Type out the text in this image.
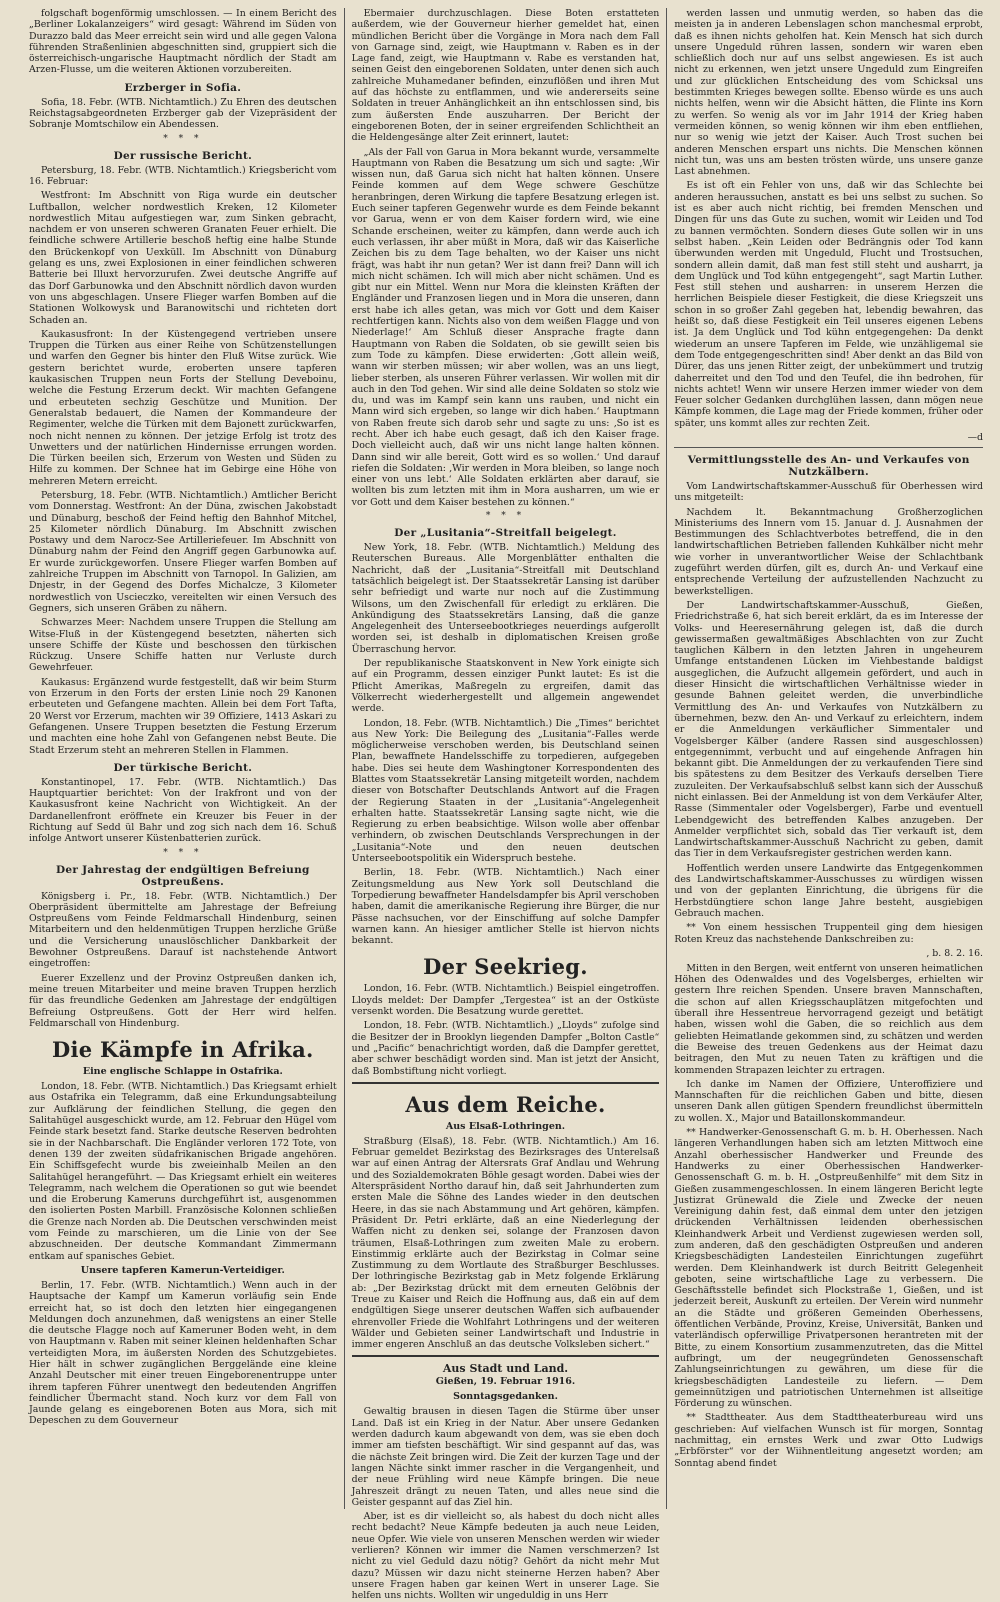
folgschaft bogenförmig umschlossen. — In einem Bericht des „Berliner Lokalanzeigers“ wird gesagt: Während im Süden von Durazzo bald das Meer erreicht sein wird und alle gegen Valona führenden Straßenlinien abgeschnitten sind, gruppiert sich die österreichisch-ungarische Hauptmacht nördlich der Stadt am Arzen-Flusse, um die weiteren Aktionen vorzubereiten.

Erzberger in Sofia.

Sofia, 18. Febr. (WTB. Nichtamtlich.) Zu Ehren des deutschen Reichstagsabgeordneten Erzberger gab der Vizepräsident der Sobranje Momtschilow ein Abendessen.

* * *
Der russische Bericht.

Petersburg, 18. Febr. (WTB. Nichtamtlich.) Kriegsbericht vom 16. Februar:

Westfront: Im Abschnitt von Riga wurde ein deutscher Luftballon, welcher nordwestlich Kreken, 12 Kilometer nordwestlich Mitau aufgestiegen war, zum Sinken gebracht, nachdem er von unseren schweren Granaten Feuer erhielt. Die feindliche schwere Artillerie beschoß heftig eine halbe Stunde den Brückenkopf von Uexküll. Im Abschnitt von Dünaburg gelang es uns, zwei Explosionen in einer feindlichen schweren Batterie bei Illuxt hervorzurufen. Zwei deutsche Angriffe auf das Dorf Garbunowka und den Abschnitt nördlich davon wurden von uns abgeschlagen. Unsere Flieger warfen Bomben auf die Stationen Wolkowysk und Baranowitschi und richteten dort Schaden an.

Kaukasusfront: In der Küstengegend vertrieben unsere Truppen die Türken aus einer Reihe von Schützenstellungen und warfen den Gegner bis hinter den Fluß Witse zurück. Wie gestern berichtet wurde, eroberten unsere tapferen kaukasischen Truppen neun Forts der Stellung Deveboinu, welche die Festung Erzerum deckt. Wir machten Gefangene und erbeuteten sechzig Geschütze und Munition. Der Generalstab bedauert, die Namen der Kommandeure der Regimenter, welche die Türken mit dem Bajonett zurückwarfen, noch nicht nennen zu können. Der jetzige Erfolg ist trotz des Unwetters und der natürlichen Hindernisse errungen worden. Die Türken beeilen sich, Erzerum von Westen und Süden zu Hilfe zu kommen. Der Schnee hat im Gebirge eine Höhe von mehreren Metern erreicht.

Petersburg, 18. Febr. (WTB. Nichtamtlich.) Amtlicher Bericht vom Donnerstag. Westfront: An der Düna, zwischen Jakobstadt und Dünaburg, beschoß der Feind heftig den Bahnhof Mitchel, 25 Kilometer nördlich Dünaburg. Im Abschnitt zwischen Postawy und dem Narocz-See Artilleriefeuer. Im Abschnitt von Dünaburg nahm der Feind den Angriff gegen Garbunowka auf. Er wurde zurückgeworfen. Unsere Flieger warfen Bomben auf zahlreiche Truppen im Abschnitt von Tarnopol. In Galizien, am Dnjestr, in der Gegend des Dorfes Michalcze, 3 Kilometer nordwestlich von Uscieczko, vereitelten wir einen Versuch des Gegners, sich unseren Gräben zu nähern.

Schwarzes Meer: Nachdem unsere Truppen die Stellung am Witse-Fluß in der Küstengegend besetzten, näherten sich unsere Schiffe der Küste und beschossen den türkischen Rückzug. Unsere Schiffe hatten nur Verluste durch Gewehrfeuer.

Kaukasus: Ergänzend wurde festgestellt, daß wir beim Sturm von Erzerum in den Forts der ersten Linie noch 29 Kanonen erbeuteten und Gefangene machten. Allein bei dem Fort Tafta, 20 Werst vor Erzerum, machten wir 39 Offiziere, 1413 Askari zu Gefangenen. Unsere Truppen besetzten die Festung Erzerum und machten eine hohe Zahl von Gefangenen nebst Beute. Die Stadt Erzerum steht an mehreren Stellen in Flammen.

Der türkische Bericht.

Konstantinopel, 17. Febr. (WTB. Nichtamtlich.) Das Hauptquartier berichtet: Von der Irakfront und von der Kaukasusfront keine Nachricht von Wichtigkeit. An der Dardanellenfront eröffnete ein Kreuzer bis Feuer in der Richtung auf Sedd ül Bahr und zog sich nach dem 16. Schuß infolge Antwort unserer Küstenbatterien zurück.

* * *
Der Jahrestag der endgültigen Befreiung Ostpreußens.

Königsberg i. Pr., 18. Febr. (WTB. Nichtamtlich.) Der Oberpräsident übermittelte am Jahrestage der Befreiung Ostpreußens vom Feinde Feldmarschall Hindenburg, seinen Mitarbeitern und den heldenmütigen Truppen herzliche Grüße und die Versicherung unauslöschlicher Dankbarkeit der Bewohner Ostpreußens. Darauf ist nachstehende Antwort eingetroffen:

Euerer Exzellenz und der Provinz Ostpreußen danken ich, meine treuen Mitarbeiter und meine braven Truppen herzlich für das freundliche Gedenken am Jahrestage der endgültigen Befreiung Ostpreußens. Gott der Herr wird helfen. Feldmarschall von Hindenburg.

Die Kämpfe in Afrika.
Eine englische Schlappe in Ostafrika.

London, 18. Febr. (WTB. Nichtamtlich.) Das Kriegsamt erhielt aus Ostafrika ein Telegramm, daß eine Erkundungsabteilung zur Aufklärung der feindlichen Stellung, die gegen den Salitahügel ausgeschickt wurde, am 12. Februar den Hügel vom Feinde stark besetzt fand. Starke deutsche Reserven bedrohten sie in der Nachbarschaft. Die Engländer verloren 172 Tote, von denen 139 der zweiten südafrikanischen Brigade angehören. Ein Schiffsgefecht wurde bis zweieinhalb Meilen an den Salitahügel herangeführt. — Das Kriegsamt erhielt ein weiteres Telegramm, nach welchem die Operationen so gut wie beendet und die Eroberung Kameruns durchgeführt ist, ausgenommen den isolierten Posten Marbill. Französische Kolonnen schließen die Grenze nach Norden ab. Die Deutschen verschwinden meist vom Feinde zu marschieren, um die Linie von der See abzuschneiden. Der deutsche Kommandant Zimmermann entkam auf spanisches Gebiet.

Unsere tapferen Kamerun-Verteidiger.

Berlin, 17. Febr. (WTB. Nichtamtlich.) Wenn auch in der Hauptsache der Kampf um Kamerun vorläufig sein Ende erreicht hat, so ist doch den letzten hier eingegangenen Meldungen doch anzunehmen, daß wenigstens an einer Stelle die deutsche Flagge noch auf Kameruner Boden weht, in dem von Hauptmann v. Raben mit seiner kleinen heldenhaften Schar verteidigten Mora, im äußersten Norden des Schutzgebietes. Hier hält in schwer zugänglichen Berggelände eine kleine Anzahl Deutscher mit einer treuen Eingeborenentruppe unter ihrem tapferen Führer unentwegt den bedeutenden Angriffen feindlicher Übermacht stand. Noch kurz vor dem Fall von Jaunde gelang es eingeborenen Boten aus Mora, sich mit Depeschen zu dem Gouverneur

Ebermaier durchzuschlagen. Diese Boten erstatteten außerdem, wie der Gouverneur hierher gemeldet hat, einen mündlichen Bericht über die Vorgänge in Mora nach dem Fall von Garnage sind, zeigt, wie Hauptmann v. Raben es in der Lage fand, zeigt, wie Hauptmann v. Rabe es verstanden hat, seinen Geist den eingeborenen Soldaten, unter denen sich auch zahlreiche Muhamedaner befinden, einzuflößen und ihren Mut auf das höchste zu entflammen, und wie andererseits seine Soldaten in treuer Anhänglichkeit an ihn entschlossen sind, bis zum äußersten Ende auszuharren. Der Bericht der eingeborenen Boten, der in seiner ergreifenden Schlichtheit an die Heldengesänge alter Zeit erinnert, lautet:

„Als der Fall von Garua in Mora bekannt wurde, versammelte Hauptmann von Raben die Besatzung um sich und sagte: ‚Wir wissen nun, daß Garua sich nicht hat halten können. Unsere Feinde kommen auf dem Wege schwere Geschütze heranbringen, deren Wirkung die tapfere Besatzung erlegen ist. Euch seiner tapferen Gegenwehr wurde es dem Feinde bekannt vor Garua, wenn er von dem Kaiser fordern wird, wie eine Schande erscheinen, weiter zu kämpfen, dann werde auch ich euch verlassen, ihr aber müßt in Mora, daß wir das Kaiserliche Zeichen bis zu dem Tage behalten, wo der Kaiser uns nicht frägt, was habt ihr nun getan? Wer ist dann frei? Dann will ich mich nicht schämen. Ich will mich aber nicht schämen. Und es gibt nur ein Mittel. Wenn nur Mora die kleinsten Kräften der Engländer und Franzosen liegen und in Mora die unseren, dann erst habe ich alles getan, was mich vor Gott und dem Kaiser rechtfertigen kann. Nichts also von dem weißen Flagge und von Niederlage!‘ Am Schluß dieser Ansprache fragte dann Hauptmann von Raben die Soldaten, ob sie gewillt seien bis zum Tode zu kämpfen. Diese erwiderten: ‚Gott allein weiß, wann wir sterben müssen; wir aber wollen, was an uns liegt, lieber sterben, als unseren Führer verlassen. Wir wollen mit dir auch in den Tod gehen. Wir sind alle deine Soldaten so stolz wie du, und was im Kampf sein kann uns rauben, und nicht ein Mann wird sich ergeben, so lange wir dich haben.‘ Hauptmann von Raben freute sich darob sehr und sagte zu uns: ‚So ist es recht. Aber ich habe euch gesagt, daß ich den Kaiser frage. Doch vielleicht auch, daß wir uns nicht lange halten können. Dann sind wir alle bereit, Gott wird es so wollen.‘ Und darauf riefen die Soldaten: ‚Wir werden in Mora bleiben, so lange noch einer von uns lebt.‘ Alle Soldaten erklärten aber darauf, sie wollten bis zum letzten mit ihm in Mora ausharren, um wie er vor Gott und dem Kaiser bestehen zu können.“

* * *
Der „Lusitania“-Streitfall beigelegt.

New York, 18. Febr. (WTB. Nichtamtlich.) Meldung des Reuterschen Bureaus. Alle Morgenblätter enthalten die Nachricht, daß der „Lusitania“-Streitfall mit Deutschland tatsächlich beigelegt ist. Der Staatssekretär Lansing ist darüber sehr befriedigt und warte nur noch auf die Zustimmung Wilsons, um den Zwischenfall für erledigt zu erklären. Die Ankündigung des Staatssekretärs Lansing, daß die ganze Angelegenheit des Unterseebootkrieges neuerdings aufgerollt worden sei, ist deshalb in diplomatischen Kreisen große Überraschung hervor.

Der republikanische Staatskonvent in New York einigte sich auf ein Programm, dessen einziger Punkt lautet: Es ist die Pflicht Amerikas, Maßregeln zu ergreifen, damit das Völkerrecht wiederhergestellt und allgemein angewendet werde.

London, 18. Febr. (WTB. Nichtamtlich.) Die „Times“ berichtet aus New York: Die Beilegung des „Lusitania“-Falles werde möglicherweise verschoben werden, bis Deutschland seinen Plan, bewaffnete Handelsschiffe zu torpedieren, aufgegeben habe. Dies sei heute dem Washingtoner Korrespondenten des Blattes vom Staatssekretär Lansing mitgeteilt worden, nachdem dieser von Botschafter Deutschlands Antwort auf die Fragen der Regierung Staaten in der „Lusitania“-Angelegenheit erhalten hatte. Staatssekretär Lansing sagte nicht, wie die Regierung zu erben beabsichtige. Wilson wolle aber offenbar verhindern, ob zwischen Deutschlands Versprechungen in der „Lusitania“-Note und den neuen deutschen Unterseebootspolitik ein Widerspruch bestehe.

Berlin, 18. Febr. (WTB. Nichtamtlich.) Nach einer Zeitungsmeldung aus New York soll Deutschland die Torpedierung bewaffneter Handelsdampfer bis April verschoben haben, damit die amerikanische Regierung ihre Bürger, die nur Pässe nachsuchen, vor der Einschiffung auf solche Dampfer warnen kann. An hiesiger amtlicher Stelle ist hiervon nichts bekannt.

Der Seekrieg.

London, 16. Febr. (WTB. Nichtamtlich.) Beispiel eingetroffen. Lloyds meldet: Der Dampfer „Tergestea“ ist an der Ostküste versenkt worden. Die Besatzung wurde gerettet.

London, 18. Febr. (WTB. Nichtamtlich.) „Lloyds“ zufolge sind die Besitzer der in Brooklyn liegenden Dampfer „Bolton Castle“ und „Pacific“ benachrichtigt worden, daß die Dampfer gerettet, aber schwer beschädigt worden sind. Man ist jetzt der Ansicht, daß Bombstiftung nicht vorliegt.

Aus dem Reiche.
Aus Elsaß-Lothringen.

Straßburg (Elsaß), 18. Febr. (WTB. Nichtamtlich.) Am 16. Februar gemeldet Bezirkstag des Bezirksrages des Unterelsaß war auf einen Antrag der Altersrats Graf Andlau und Wehrung und des Sozialdemokraten Böhle gesagt worden. Dabei wies der Alterspräsident Northo darauf hin, daß seit Jahrhunderten zum ersten Male die Söhne des Landes wieder in den deutschen Heere, in das sie nach Abstammung und Art gehören, kämpfen. Präsident Dr. Petri erklärte, daß an eine Niederlegung der Waffen nicht zu denken sei, solange der Franzosen davon träumen, Elsaß-Lothringen zum zweiten Male zu erobern. Einstimmig erklärte auch der Bezirkstag in Colmar seine Zustimmung zu dem Wortlaute des Straßburger Beschlusses. Der lothringische Bezirkstag gab in Metz folgende Erklärung ab: „Der Bezirkstag drückt mit dem erneuten Gelöbnis der Treue zu Kaiser und Reich die Hoffnung aus, daß ein auf dem endgültigen Siege unserer deutschen Waffen sich aufbauender ehrenvoller Friede die Wohlfahrt Lothringens und der weiteren Wälder und Gebieten seiner Landwirtschaft und Industrie in immer engeren Anschluß an das deutsche Volksleben sichert.“

Aus Stadt und Land.
Gießen, 19. Februar 1916.
Sonntagsgedanken.

Gewaltig brausen in diesen Tagen die Stürme über unser Land. Daß ist ein Krieg in der Natur. Aber unsere Gedanken werden dadurch kaum abgewandt von dem, was sie eben doch immer am tiefsten beschäftigt. Wir sind gespannt auf das, was die nächste Zeit bringen wird. Die Zeit der kurzen Tage und der langen Nächte sinkt immer rascher in die Vergangenheit, und der neue Frühling wird neue Kämpfe bringen. Die neue Jahreszeit drängt zu neuen Taten, und alles neue sind die Geister gespannt auf das Ziel hin.

Aber, ist es dir vielleicht so, als habest du doch nicht alles recht bedacht? Neue Kämpfe bedeuten ja auch neue Leiden, neue Opfer. Wie viele von unseren Menschen werden wir wieder verlieren? Können wir immer die Namen verschmerzen? Ist nicht zu viel Geduld dazu nötig? Gehört da nicht mehr Mut dazu? Müssen wir dazu nicht steinerne Herzen haben? Aber unsere Fragen haben gar keinen Wert in unserer Lage. Sie helfen uns nichts. Wollten wir ungeduldig in uns Herr

werden lassen und unmutig werden, so haben das die meisten ja in anderen Lebenslagen schon manchesmal erprobt, daß es ihnen nichts geholfen hat. Kein Mensch hat sich durch unsere Ungeduld rühren lassen, sondern wir waren eben schließlich doch nur auf uns selbst angewiesen. Es ist auch nicht zu erkennen, wen jetzt unsere Ungeduld zum Eingreifen und zur glücklichen Entscheidung des vom Schicksal uns bestimmten Krieges bewegen sollte. Ebenso würde es uns auch nichts helfen, wenn wir die Absicht hätten, die Flinte ins Korn zu werfen. So wenig als vor im Jahr 1914 der Krieg haben vermeiden können, so wenig können wir ihm eben entfliehen, nur so wenig wie jetzt der Kaiser. Auch Trost suchen bei anderen Menschen erspart uns nichts. Die Menschen können nicht tun, was uns am besten trösten würde, uns unsere ganze Last abnehmen.

Es ist oft ein Fehler von uns, daß wir das Schlechte bei anderen heraussuchen, anstatt es bei uns selbst zu suchen. So ist es aber auch nicht richtig, bei fremden Menschen und Dingen für uns das Gute zu suchen, womit wir Leiden und Tod zu bannen vermöchten. Sondern dieses Gute sollen wir in uns selbst haben. „Kein Leiden oder Bedrängnis oder Tod kann überwunden werden mit Ungeduld, Flucht und Trostsuchen, sondern allein damit, daß man fest still steht und ausharrt, ja dem Unglück und Tod kühn entgegengeht“, sagt Martin Luther. Fest still stehen und ausharren: in unserem Herzen die herrlichen Beispiele dieser Festigkeit, die diese Kriegszeit uns schon in so großer Zahl gegeben hat, lebendig bewahren, das heißt so, daß diese Festigkeit ein Teil unseres eigenen Lebens ist. Ja dem Unglück und Tod kühn entgegengehen: Da denkt wiederum an unsere Tapferen im Felde, wie unzähligemal sie dem Tode entgegengeschritten sind! Aber denkt an das Bild von Dürer, das uns jenen Ritter zeigt, der unbekümmert und trutzig daherreitet und den Tod und den Teufel, die ihn bedrohen, für nichts achtet! Wenn wir unsere Herzen immer wieder von dem Feuer solcher Gedanken durchglühen lassen, dann mögen neue Kämpfe kommen, die Lage mag der Friede kommen, früher oder später, uns kommt alles zur rechten Zeit.

—d
Vermittlungsstelle des An- und Verkaufes von Nutzkälbern.

Vom Landwirtschaftskammer-Ausschuß für Oberhessen wird uns mitgeteilt:

Nachdem lt. Bekanntmachung Großherzoglichen Ministeriums des Innern vom 15. Januar d. J. Ausnahmen der Bestimmungen des Schlachtverbotes betreffend, die in den landwirtschaftlichen Betrieben fallenden Kuhkälber nicht mehr wie vorher in unverantwortlicher Weise der Schlachtbank zugeführt werden dürfen, gilt es, durch An- und Verkauf eine entsprechende Verteilung der aufzustellenden Nachzucht zu bewerkstelligen.

Der Landwirtschaftskammer-Ausschuß, Gießen, Friedrichstraße 6, hat sich bereit erklärt, da es im Interesse der Volks- und Heeresernährung gelegen ist, daß die durch gewissermaßen gewaltmäßiges Abschlachten von zur Zucht tauglichen Kälbern in den letzten Jahren in ungeheurem Umfange entstandenen Lücken im Viehbestande baldigst ausgeglichen, die Aufzucht allgemein gefördert, und auch in dieser Hinsicht die wirtschaftlichen Verhältnisse wieder in gesunde Bahnen geleitet werden, die unverbindliche Vermittlung des An- und Verkaufes von Nutzkälbern zu übernehmen, bezw. den An- und Verkauf zu erleichtern, indem er die Anmeldungen verkäuflicher Simmentaler und Vogelsberger Kälber (andere Rassen sind ausgeschlossen) entgegennimmt, verbucht und auf eingehende Anfragen hin bekannt gibt. Die Anmeldungen der zu verkaufenden Tiere sind bis spätestens zu dem Besitzer des Verkaufs derselben Tiere zuzuleiten. Der Verkaufsabschluß selbst kann sich der Ausschuß nicht einlassen. Bei der Anmeldung ist von dem Verkäufer Alter, Rasse (Simmentaler oder Vogelsberger), Farbe und eventuell Lebendgewicht des betreffenden Kalbes anzugeben. Der Anmelder verpflichtet sich, sobald das Tier verkauft ist, dem Landwirtschaftskammer-Ausschuß Nachricht zu geben, damit das Tier in dem Verkaufsregister gestrichen werden kann.

Hoffentlich werden unsere Landwirte das Entgegenkommen des Landwirtschaftskammer-Ausschusses zu würdigen wissen und von der geplanten Einrichtung, die übrigens für die Herbstdüngtiere schon lange Jahre besteht, ausgiebigen Gebrauch machen.

** Von einem hessischen Truppenteil ging dem hiesigen Roten Kreuz das nachstehende Dankschreiben zu:

, b. 8. 2. 16.

Mitten in den Bergen, weit entfernt von unseren heimatlichen Höhen des Odenwaldes und des Vogelsberges, erhielten wir gestern Ihre reichen Spenden. Unsere braven Mannschaften, die schon auf allen Kriegsschauplätzen mitgefochten und überall ihre Hessentreue hervorragend gezeigt und betätigt haben, wissen wohl die Gaben, die so reichlich aus dem geliebten Heimatlande gekommen sind, zu schätzen und werden die Beweise des treuen Gedenkens aus der Heimat dazu beitragen, den Mut zu neuen Taten zu kräftigen und die kommenden Strapazen leichter zu ertragen.

Ich danke im Namen der Offiziere, Unteroffiziere und Mannschaften für die reichlichen Gaben und bitte, diesen unseren Dank allen gütigen Spendern freundlichst übermitteln zu wollen. X., Major und Bataillonskommandeur.

** Handwerker-Genossenschaft G. m. b. H. Oberhessen. Nach längeren Verhandlungen haben sich am letzten Mittwoch eine Anzahl oberhessischer Handwerker und Freunde des Handwerks zu einer Oberhessischen Handwerker-Genossenschaft G. m. b. H. „Ostpreußenhilfe“ mit dem Sitz in Gießen zusammengeschlossen. In einem längeren Bericht legte Justizrat Grünewald die Ziele und Zwecke der neuen Vereinigung dahin fest, daß einmal dem unter den jetzigen drückenden Verhältnissen leidenden oberhessischen Kleinhandwerk Arbeit und Verdienst zugewiesen werden soll, zum anderen, daß den geschädigten Ostpreußen und anderen Kriegsbeschädigten Landesteilen Einrichtungen zugeführt werden. Dem Kleinhandwerk ist durch Beitritt Gelegenheit geboten, seine wirtschaftliche Lage zu verbessern. Die Geschäftsstelle befindet sich Plockstraße 1, Gießen, und ist jederzeit bereit, Auskunft zu erteilen. Der Verein wird nunmehr an die Städte und größeren Gemeinden Oberhessens, öffentlichen Verbände, Provinz, Kreise, Universität, Banken und vaterländisch opferwillige Privatpersonen herantreten mit der Bitte, zu einem Konsortium zusammenzutreten, das die Mittel aufbringt, um der neugegründeten Genossenschaft Zahlungseinrichtungen zu gewähren, um diese für die kriegsbeschädigten Landesteile zu liefern. — Dem gemeinnützigen und patriotischen Unternehmen ist allseitige Förderung zu wünschen.

** Stadttheater. Aus dem Stadttheaterbureau wird uns geschrieben: Auf vielfachen Wunsch ist für morgen, Sonntag nachmittag, ein ernstes Werk und zwar Otto Ludwigs „Erbförster“ vor der Wiihnentleitung angesetzt worden; am Sonntag abend findet
